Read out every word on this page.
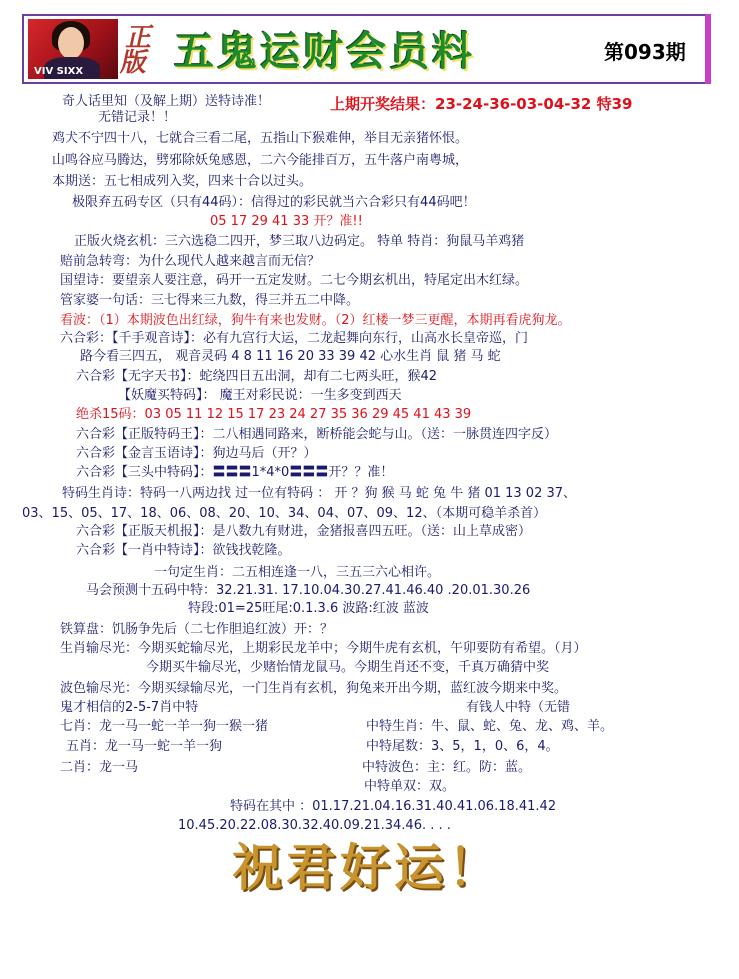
VIV SIXX
正版 五鬼运财会员料	第093期
上期开奖结果：23-24-36-03-04-32 特39
奇人话里知（及解上期）送特诗准！
无错记录！！
鸡犬不宁四十八，七就合三看二尾，五指山下猴难伸，举目无亲猪怀恨。
山鸣谷应马腾达，劈邪除妖兔感恩，二六今能排百万，五牛落户南粤城，
本期送：五七相成列入奖，四来十合以过头。
极限弃五码专区（只有44码）：信得过的彩民就当六合彩只有44码吧！
05 17 29 41 33 开？准!!
正版火烧玄机：三六选稳二四开，梦三取八边码定。 特单 特肖：狗鼠马羊鸡猪
赔前急转弯：为什么现代人越来越言而无信？
国望诗：要望亲人要注意，码开一五定发财。二七今期玄机出，特尾定出木红绿。
管家婆一句话：三七得来三九数，得三并五二中降。
看波：（1）本期波色出红绿，狗牛有来也发财。（2）红楼一梦三更醒，本期再看虎狗龙。
六合彩：【千手观音诗】：必有九宫行大运，二龙起舞向东行，山高水长皇帝巡，门
路今看三四五， 观音灵码 4 8 11 16 20 33 39 42 心水生肖 鼠 猪 马 蛇
六合彩【无字天书】：蛇绕四日五出洞，却有二七两头旺，猴42
【妖魔买特码】： 魔王对彩民说：一生多变到西天
绝杀15码：03 05 11 12 15 17 23 24 27 35 36 29 45 41 43 39
六合彩【正版特码王】：二八相遇同路来，断桥能会蛇与山。（送：一脉贯连四字反）
六合彩【金言玉语诗】：狗边马后（开？）
六合彩【三头中特码】：〓〓〓1*4*0〓〓〓开？？准！
特码生肖诗：特码一八两边找 过一位有特码 ： 开 ？狗 猴 马 蛇 兔 牛 猪 01 13 02 37、
03、15、05、17、18、06、08、20、10、34、04、07、09、12、（本期可稳羊杀首）
六合彩【正版天机报】：是八数九有财进，金猪报喜四五旺。（送：山上草成密）
六合彩【一肖中特诗】：欲钱找乾隆。
一句定生肖：二五相连逢一八，三五三六心相许。
马会预测十五码中特：32.21.31. 17.10.04.30.27.41.46.40 .20.01.30.26
特段:01=25旺尾:0.1.3.6 波路:红波 蓝波
铁算盘：饥肠争先后（二七作胆追红波）开：？
生肖输尽光：今期买蛇输尽光，上期彩民龙羊中；今期牛虎有玄机，午卯要防有希望。（月）
今期买牛输尽光，少赌怡情龙鼠马。今期生肖还不变，千真万确猜中奖
波色输尽光：今期买绿输尽光，一门生肖有玄机，狗兔来开出今期，蓝红波今期来中奖。
鬼才相信的2-5-7肖中特	有钱人中特（无错
七肖：龙一马一蛇一羊一狗一猴一猪	中特生肖：牛、鼠、蛇、兔、龙、鸡、羊。
五肖：龙一马一蛇一羊一狗	中特尾数：3、5，1，0、6，4。
二肖：龙一马	中特波色：主：红。防：蓝。
中特单双：双。
特码在其中 ：01.17.21.04.16.31.40.41.06.18.41.42
10.45.20.22.08.30.32.40.09.21.34.46. . . .
祝君好运！
